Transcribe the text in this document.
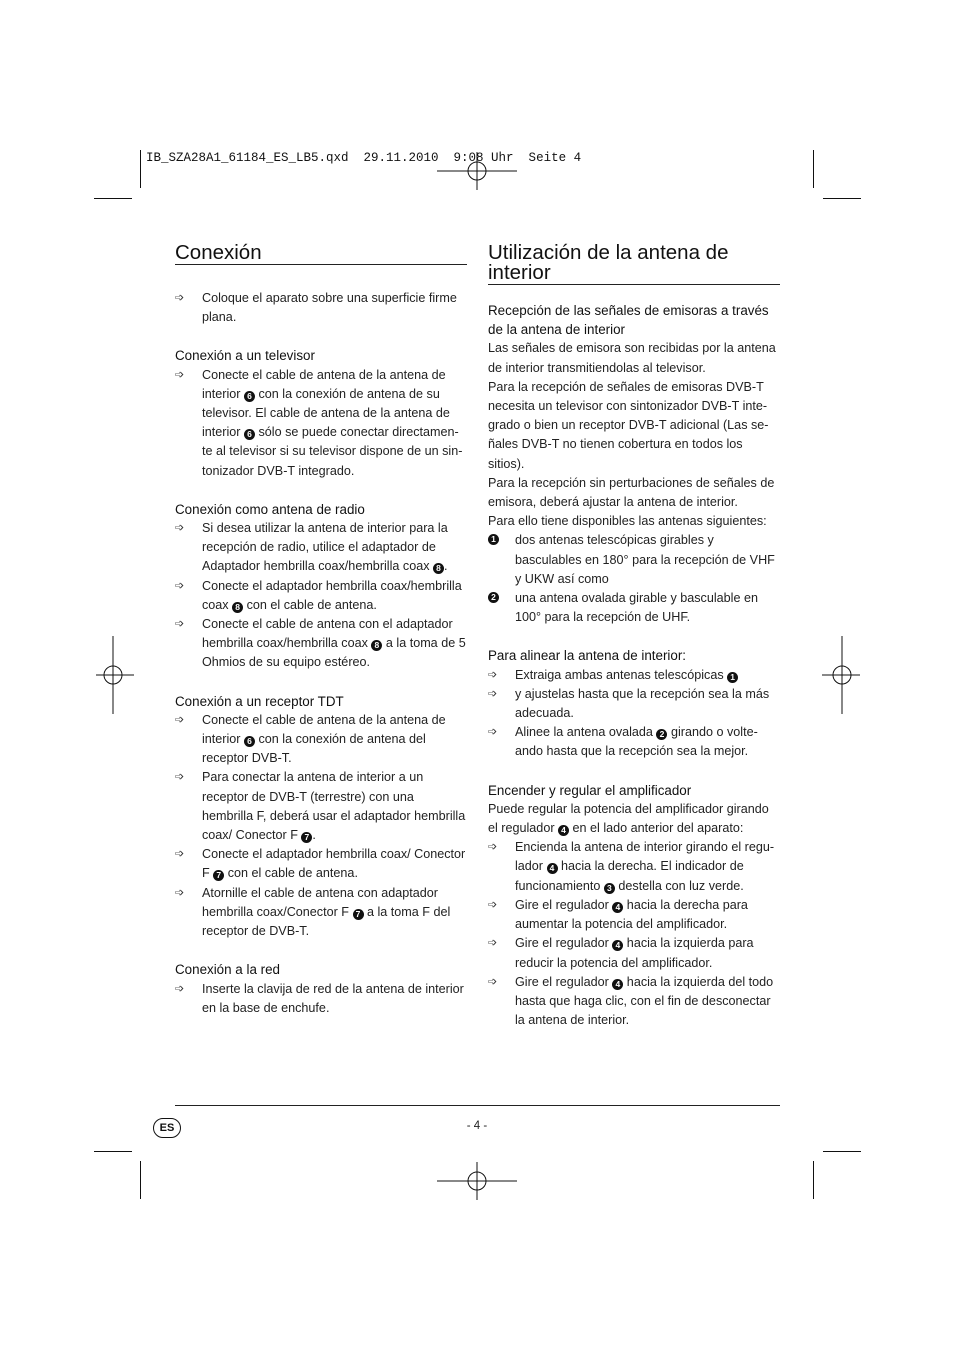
IB_SZA28A1_61184_ES_LB5.qxd  29.11.2010  9:08 Uhr  Seite 4
Conexión
➩ Coloque el aparato sobre una superficie firme plana.
Conexión a un televisor
➩ Conecte el cable de antena de la antena de interior 6 con la conexión de antena de su televisor. El cable de antena de la antena de interior 6 sólo se puede conectar directamen-te al televisor si su televisor dispone de un sin-tonizador DVB-T integrado.
Conexión como antena de radio
➩ Si desea utilizar la antena de interior para la recepción de radio, utilice el adaptador de Adaptador hembrilla coax/hembrilla coax 8 .
➩ Conecte el adaptador hembrilla coax/hembrilla coax 8 con el cable de antena.
➩ Conecte el cable de antena con el adaptador hembrilla coax/hembrilla coax 8 a la toma de 5 Ohmios de su equipo estéreo.
Conexión a un receptor TDT
➩ Conecte el cable de antena de la antena de interior 6 con la conexión de antena del receptor DVB-T.
➩ Para conectar la antena de interior a un receptor de DVB-T (terrestre) con una hembrilla F, deberá usar el adaptador hembrilla coax/ Conector F 7 .
➩ Conecte el adaptador hembrilla coax/ Conector F 7 con el cable de antena.
➩ Atornille el cable de antena con adaptador hembrilla coax/Conector F 7 a la toma F del receptor de DVB-T.
Conexión a la red
➩ Inserte la clavija de red de la antena de interior en la base de enchufe.
Utilización de la antena de interior
Recepción de las señales de emisoras a través de la antena de interior

Las señales de emisora son recibidas por la antena de interior transmitiendolas al televisor.

Para la recepción de señales de emisoras DVB-T necesita un televisor con sintonizador DVB-T inte-grado o bien un receptor DVB-T adicional (Las se-ñales DVB-T no tienen cobertura en todos los sitios).

Para la recepción sin perturbaciones de señales de emisora, deberá ajustar la antena de interior.

Para ello tiene disponibles las antenas siguientes:

1 dos antenas telescópicas girables y basculables en 180° para la recepción de VHF y UKW así como
2 una antena ovalada girable y basculable en 100° para la recepción de UHF.
Para alinear la antena de interior:
➩ Extraiga ambas antenas telescópicas 1
➩ y ajustelas hasta que la recepción sea la más adecuada.
➩ Alinee la antena ovalada 2 girando o volte-ando hasta que la recepción sea la mejor.
Encender y regular el amplificador

Puede regular la potencia del amplificador girando el regulador 4 en el lado anterior del aparato:

➩ Encienda la antena de interior girando el regu-lador 4 hacia la derecha. El indicador de funcionamiento 3 destella con luz verde.
➩ Gire el regulador 4 hacia la derecha para aumentar la potencia del amplificador.
➩ Gire el regulador 4 hacia la izquierda para reducir la potencia del amplificador.
➩ Gire el regulador 4 hacia la izquierda del todo hasta que haga clic, con el fin de desconectar la antena de interior.
ES	- 4 -
